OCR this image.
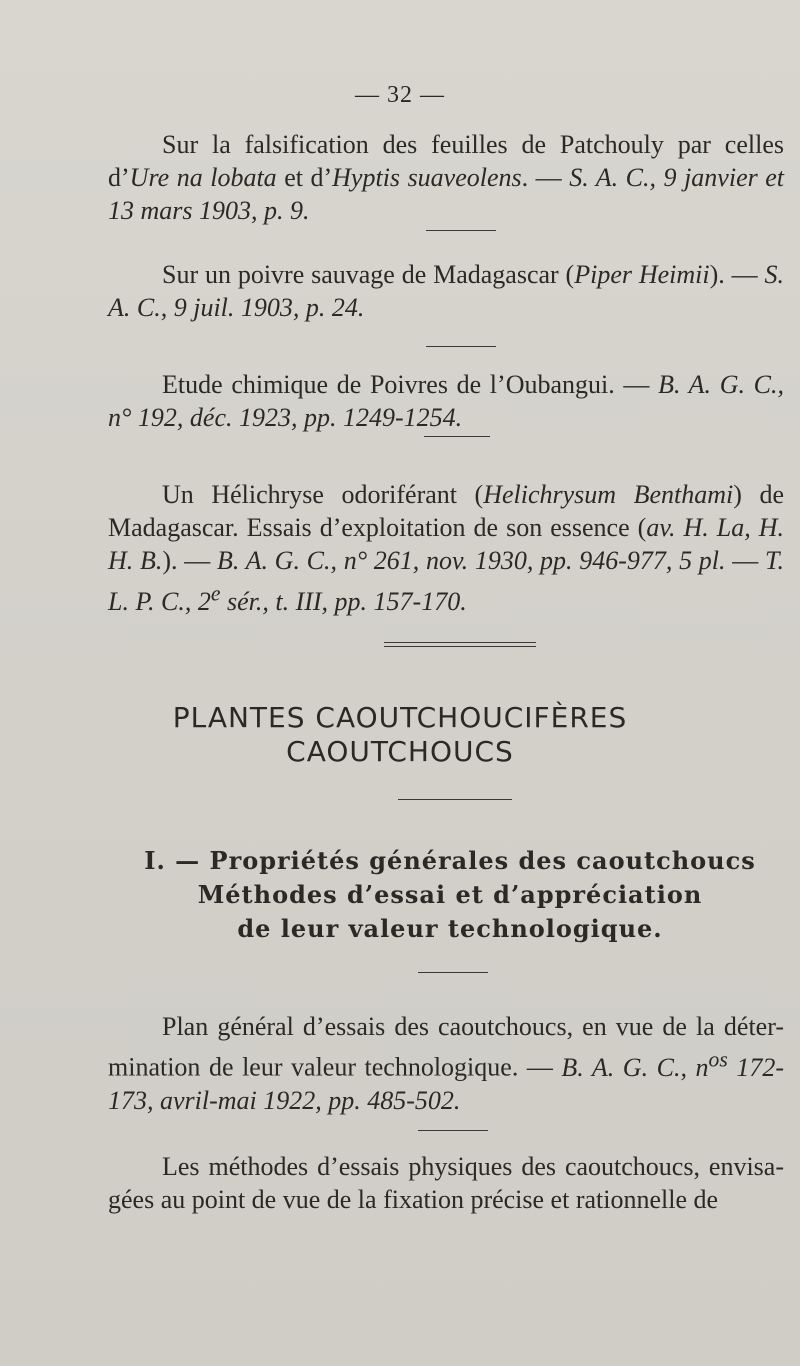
— 32 —
Sur la falsification des feuilles de Patchouly par celles d’Ure na lobata et d’Hyptis suaveolens. — S. A. C., 9 janvier et 13 mars 1903, p. 9.
Sur un poivre sauvage de Madagascar (Piper Heimii). — S. A. C., 9 juil. 1903, p. 24.
Etude chimique de Poivres de l’Oubangui. — B. A. G. C., n° 192, déc. 1923, pp. 1249-1254.
Un Hélichryse odoriférant (Helichrysum Benthami) de Madagascar. Essais d’exploitation de son essence (av. H. La, H. H. B.). — B. A. G. C., n° 261, nov. 1930, pp. 946-977, 5 pl. — T. L. P. C., 2e sér., t. III, pp. 157-170.
PLANTES CAOUTCHOUCIFÈRES
CAOUTCHOUCS
I. — Propriétés générales des caoutchoucs
Méthodes d’essai et d’appréciation
de leur valeur technologique.
Plan général d’essais des caoutchoucs, en vue de la déter- mination de leur valeur technologique. — B. A. G. C., $n^{os}$ 172- 173, avril-mai 1922, pp. 485-502.
Les méthodes d’essais physiques des caoutchoucs, envisa- gées au point de vue de la fixation précise et rationnelle de
